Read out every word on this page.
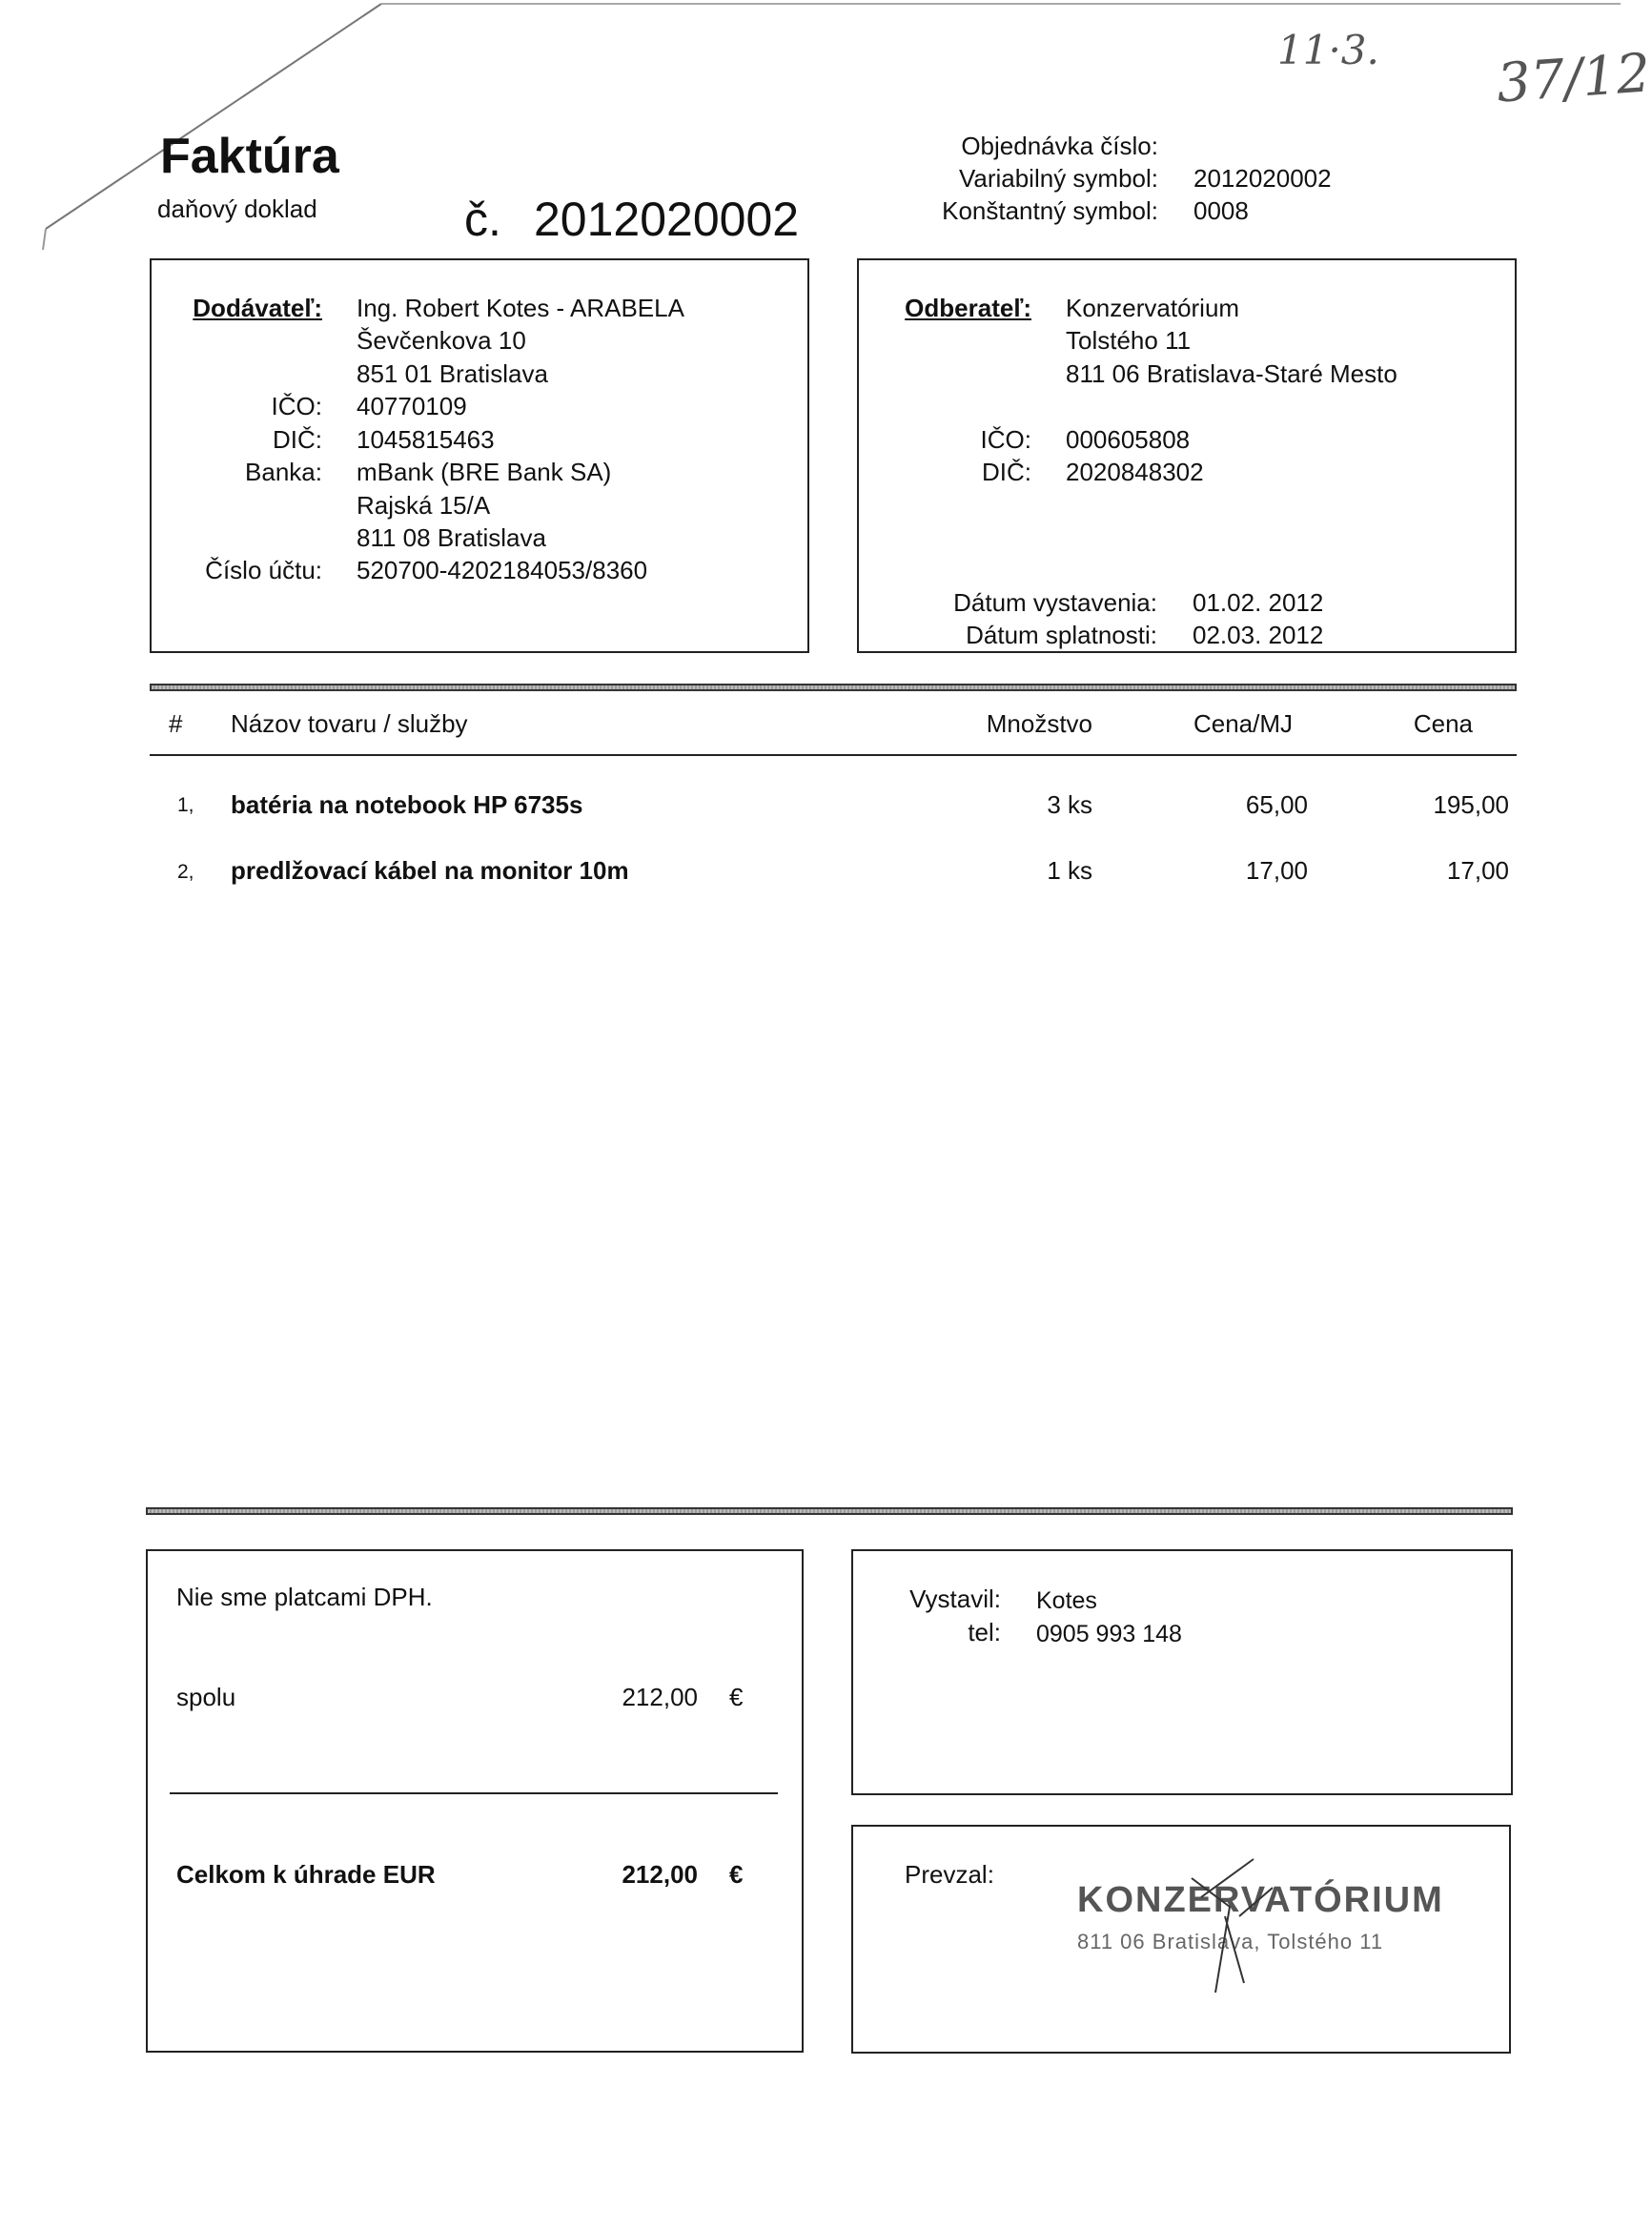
11·3. 37/12
Faktúra
daňový doklad	č. 2012020002
Objednávka číslo:
Variabilný symbol: 2012020002
Konštantný symbol: 0008
Dodávateľ: Ing. Robert Kotes - ARABELA
Ševčenkova 10
851 01 Bratislava
IČO: 40770109
DIČ: 1045815463
Banka: mBank (BRE Bank SA)
Rajská 15/A
811 08 Bratislava
Číslo účtu: 520700-4202184053/8360
Odberateľ: Konzervatórium
Tolstého 11
811 06 Bratislava-Staré Mesto
IČO: 000605808
DIČ: 2020848302
Dátum vystavenia: 01.02. 2012
Dátum splatnosti: 02.03. 2012
# Názov tovaru / služby	Množstvo	Cena/MJ	Cena
1, batéria na notebook HP 6735s	3 ks	65,00	195,00
2, predlžovací kábel na monitor 10m	1 ks	17,00	17,00
Nie sme platcami DPH.
spolu	212,00 €
Celkom k úhrade EUR	212,00 €
Vystavil: Kotes
tel: 0905 993 148
Prevzal:
KONZERVATÓRIUM
811 06 Bratislava, Tolstého 11
